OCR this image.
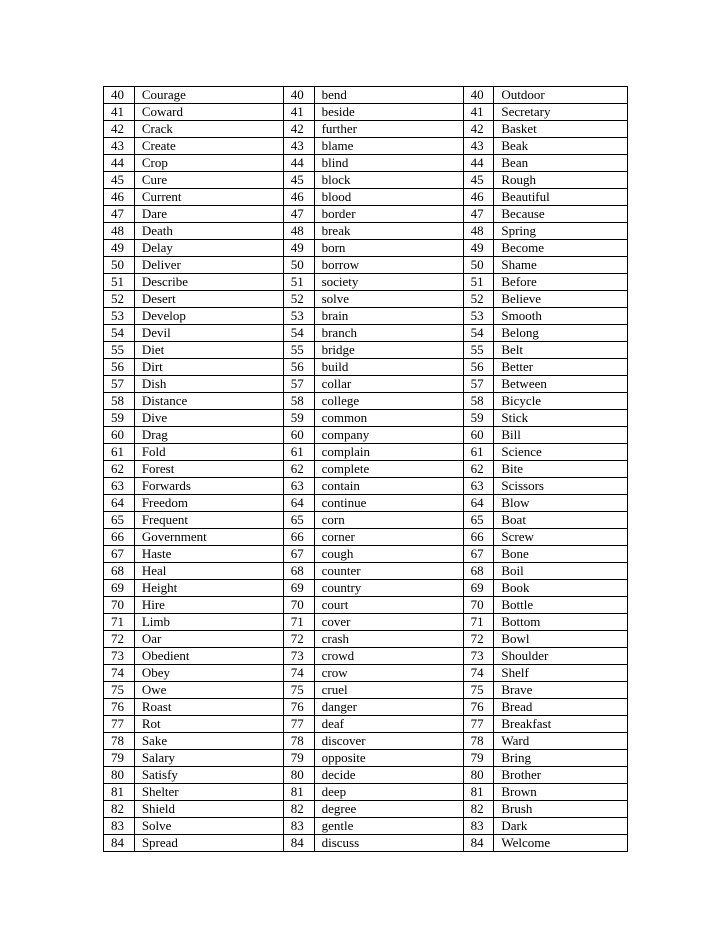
40	Courage	40	bend	40	Outdoor
41	Coward	41	beside	41	Secretary
42	Crack	42	further	42	Basket
43	Create	43	blame	43	Beak
44	Crop	44	blind	44	Bean
45	Cure	45	block	45	Rough
46	Current	46	blood	46	Beautiful
47	Dare	47	border	47	Because
48	Death	48	break	48	Spring
49	Delay	49	born	49	Become
50	Deliver	50	borrow	50	Shame
51	Describe	51	society	51	Before
52	Desert	52	solve	52	Believe
53	Develop	53	brain	53	Smooth
54	Devil	54	branch	54	Belong
55	Diet	55	bridge	55	Belt
56	Dirt	56	build	56	Better
57	Dish	57	collar	57	Between
58	Distance	58	college	58	Bicycle
59	Dive	59	common	59	Stick
60	Drag	60	company	60	Bill
61	Fold	61	complain	61	Science
62	Forest	62	complete	62	Bite
63	Forwards	63	contain	63	Scissors
64	Freedom	64	continue	64	Blow
65	Frequent	65	corn	65	Boat
66	Government	66	corner	66	Screw
67	Haste	67	cough	67	Bone
68	Heal	68	counter	68	Boil
69	Height	69	country	69	Book
70	Hire	70	court	70	Bottle
71	Limb	71	cover	71	Bottom
72	Oar	72	crash	72	Bowl
73	Obedient	73	crowd	73	Shoulder
74	Obey	74	crow	74	Shelf
75	Owe	75	cruel	75	Brave
76	Roast	76	danger	76	Bread
77	Rot	77	deaf	77	Breakfast
78	Sake	78	discover	78	Ward
79	Salary	79	opposite	79	Bring
80	Satisfy	80	decide	80	Brother
81	Shelter	81	deep	81	Brown
82	Shield	82	degree	82	Brush
83	Solve	83	gentle	83	Dark
84	Spread	84	discuss	84	Welcome
